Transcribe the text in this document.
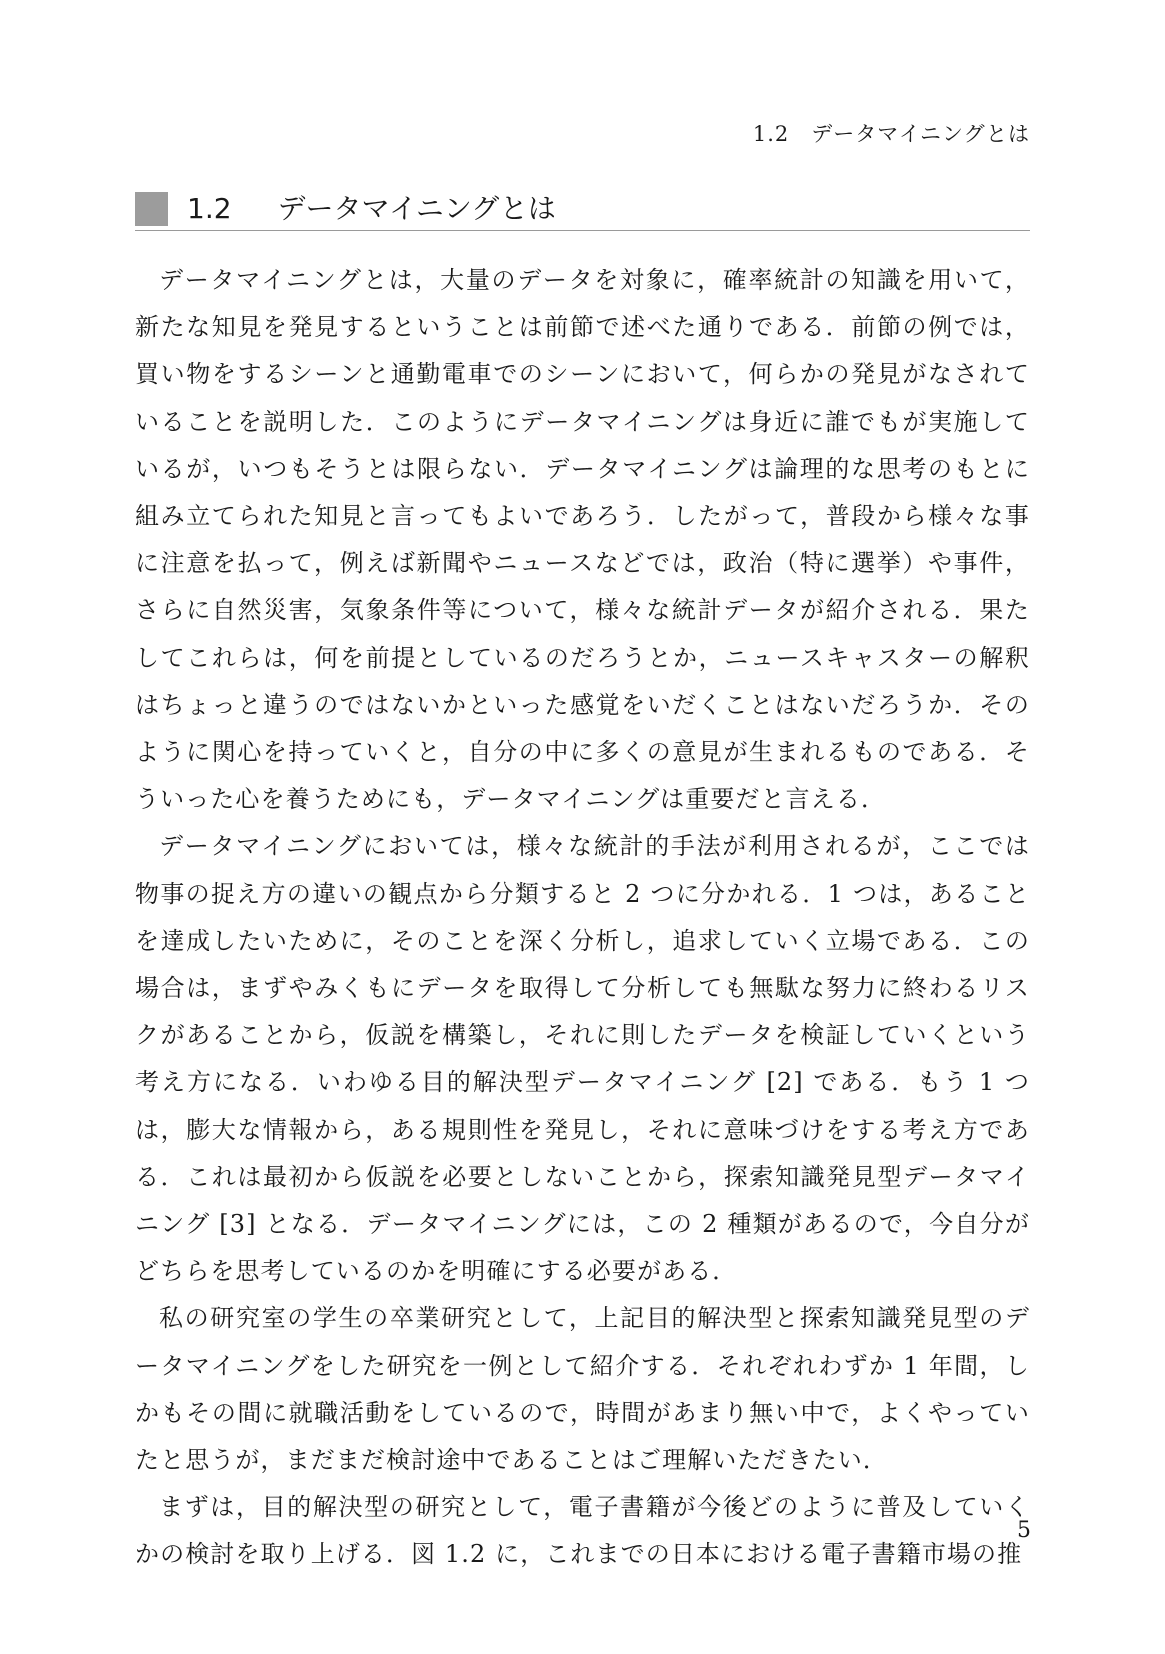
1.2 データマイニングとは
1.2 データマイニングとは

データマイニングとは，大量のデータを対象に，確率統計の知識を用いて，新たな知見を発見するということは前節で述べた通りである．前節の例では，買い物をするシーンと通勤電車でのシーンにおいて，何らかの発見がなされていることを説明した．このようにデータマイニングは身近に誰でもが実施しているが，いつもそうとは限らない．データマイニングは論理的な思考のもとに組み立てられた知見と言ってもよいであろう．したがって，普段から様々な事に注意を払って，例えば新聞やニュースなどでは，政治（特に選挙）や事件，さらに自然災害，気象条件等について，様々な統計データが紹介される．果たしてこれらは，何を前提としているのだろうとか，ニュースキャスターの解釈はちょっと違うのではないかといった感覚をいだくことはないだろうか．そのように関心を持っていくと，自分の中に多くの意見が生まれるものである．そういった心を養うためにも，データマイニングは重要だと言える．

データマイニングにおいては，様々な統計的手法が利用されるが，ここでは物事の捉え方の違いの観点から分類すると 2 つに分かれる．1 つは，あることを達成したいために，そのことを深く分析し，追求していく立場である．この場合は，まずやみくもにデータを取得して分析しても無駄な努力に終わるリスクがあることから，仮説を構築し，それに則したデータを検証していくという考え方になる．いわゆる目的解決型データマイニング [2] である．もう 1 つは，膨大な情報から，ある規則性を発見し，それに意味づけをする考え方である．これは最初から仮説を必要としないことから，探索知識発見型データマイニング [3] となる．データマイニングには，この 2 種類があるので，今自分がどちらを思考しているのかを明確にする必要がある．

私の研究室の学生の卒業研究として，上記目的解決型と探索知識発見型のデータマイニングをした研究を一例として紹介する．それぞれわずか 1 年間，しかもその間に就職活動をしているので，時間があまり無い中で，よくやっていたと思うが，まだまだ検討途中であることはご理解いただきたい．

まずは，目的解決型の研究として，電子書籍が今後どのように普及していくかの検討を取り上げる．図 1.2 に，これまでの日本における電子書籍市場の推

5
